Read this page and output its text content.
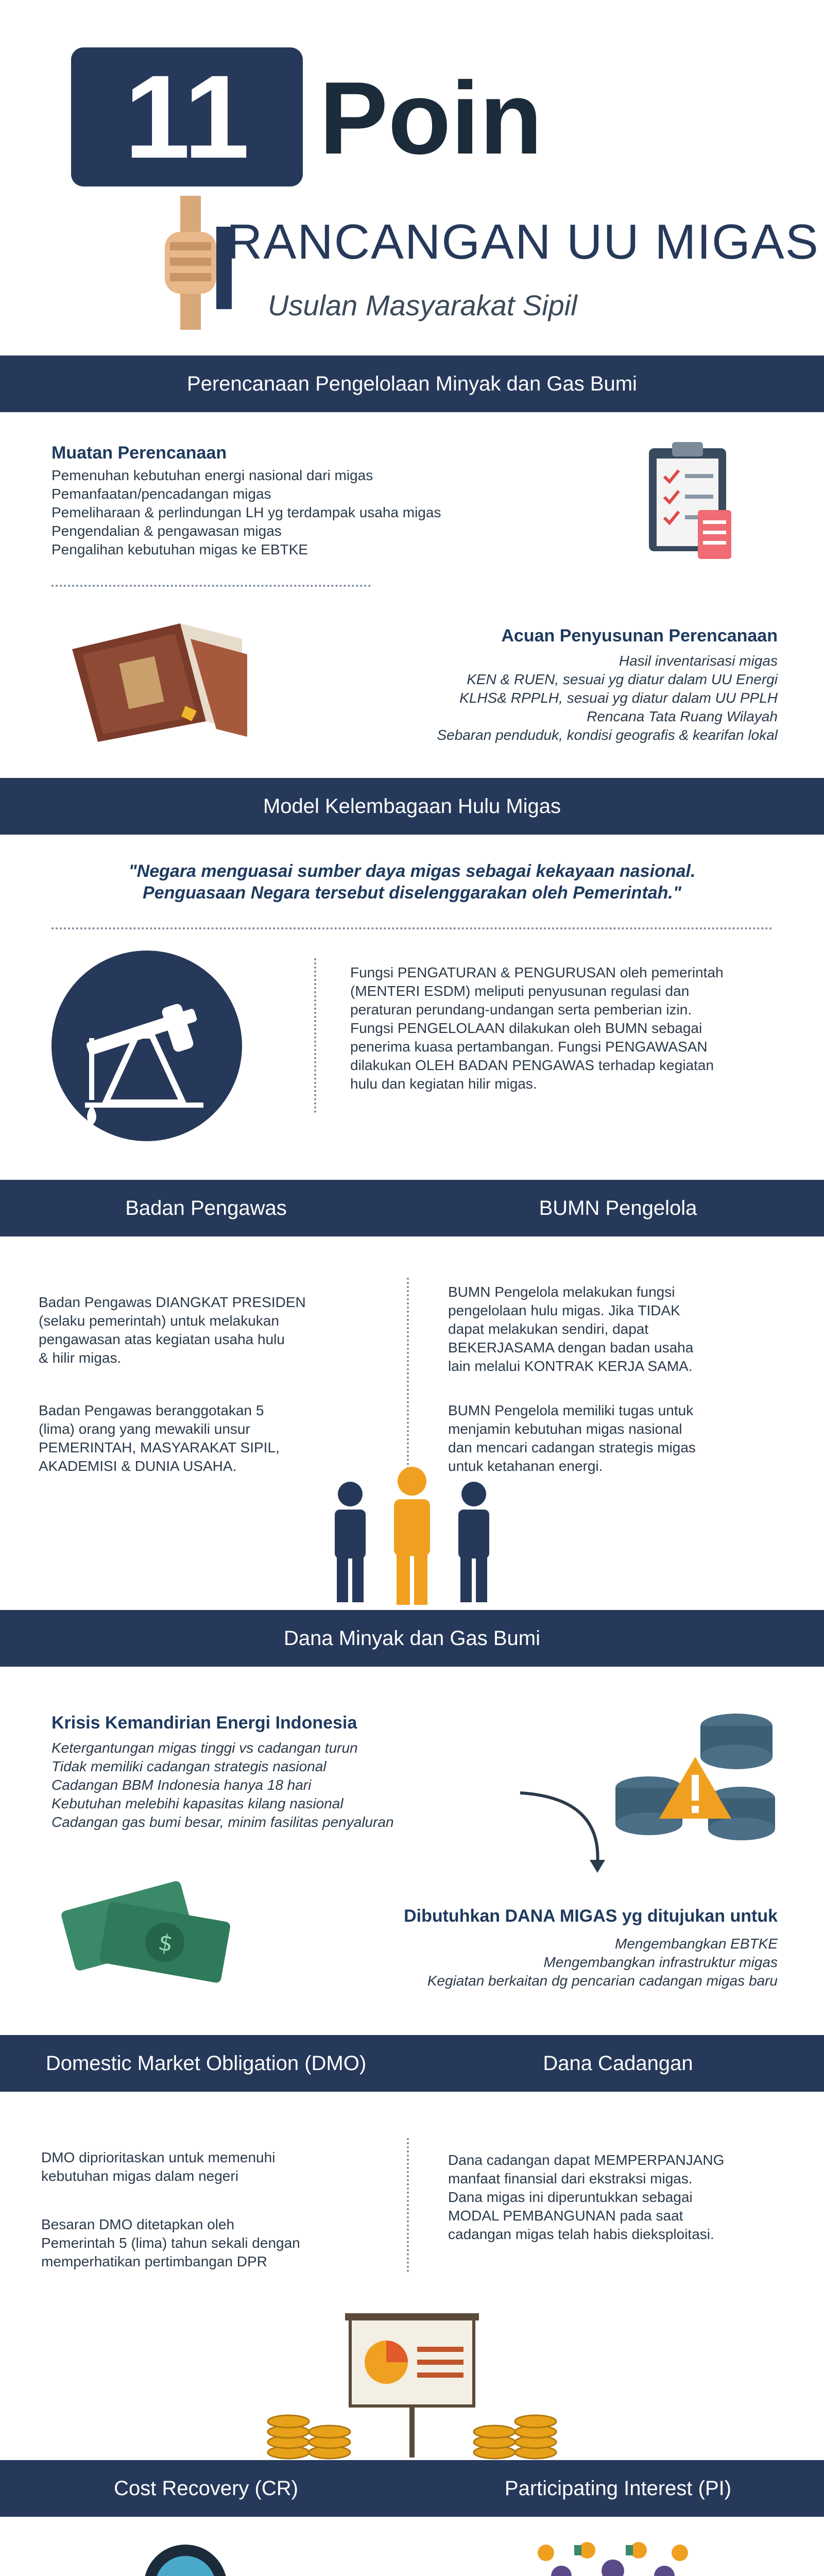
11 Poin
RANCANGAN UU MIGAS
Usulan Masyarakat Sipil
Perencanaan Pengelolaan Minyak dan Gas Bumi
Muatan Perencanaan
Pemenuhan kebutuhan energi nasional dari migas
Pemanfaatan/pencadangan migas
Pemeliharaan & perlindungan LH yg terdampak usaha migas
Pengendalian & pengawasan migas
Pengalihan kebutuhan migas ke EBTKE
Acuan Penyusunan Perencanaan
Hasil inventarisasi migas
KEN & RUEN, sesuai yg diatur dalam UU Energi
KLHS& RPPLH, sesuai yg diatur dalam UU PPLH
Rencana Tata Ruang Wilayah
Sebaran penduduk, kondisi geografis & kearifan lokal
Model Kelembagaan Hulu Migas
"Negara menguasai sumber daya migas sebagai kekayaan nasional.
Penguasaan Negara tersebut diselenggarakan oleh Pemerintah."
Fungsi PENGATURAN & PENGURUSAN oleh pemerintah
(MENTERI ESDM) meliputi penyusunan regulasi dan
peraturan perundang-undangan serta pemberian izin.
Fungsi PENGELOLAAN dilakukan oleh BUMN sebagai
penerima kuasa pertambangan. Fungsi PENGAWASAN
dilakukan OLEH BADAN PENGAWAS terhadap kegiatan
hulu dan kegiatan hilir migas.
Badan Pengawas	BUMN Pengelola
Badan Pengawas DIANGKAT PRESIDEN
(selaku pemerintah) untuk melakukan
pengawasan atas kegiatan usaha hulu
& hilir migas.
Badan Pengawas beranggotakan 5
(lima) orang yang mewakili unsur
PEMERINTAH, MASYARAKAT SIPIL,
AKADEMISI & DUNIA USAHA.
BUMN Pengelola melakukan fungsi
pengelolaan hulu migas. Jika TIDAK
dapat melakukan sendiri, dapat
BEKERJASAMA dengan badan usaha
lain melalui KONTRAK KERJA SAMA.
BUMN Pengelola memiliki tugas untuk
menjamin kebutuhan migas nasional
dan mencari cadangan strategis migas
untuk ketahanan energi.
Dana Minyak dan Gas Bumi
Krisis Kemandirian Energi Indonesia
Ketergantungan migas tinggi vs cadangan turun
Tidak memiliki cadangan strategis nasional
Cadangan BBM Indonesia hanya 18 hari
Kebutuhan melebihi kapasitas kilang nasional
Cadangan gas bumi besar, minim fasilitas penyaluran
$
Dibutuhkan DANA MIGAS yg ditujukan untuk
Mengembangkan EBTKE
Mengembangkan infrastruktur migas
Kegiatan berkaitan dg pencarian cadangan migas baru
Domestic Market Obligation (DMO)	Dana Cadangan
DMO diprioritaskan untuk memenuhi
kebutuhan migas dalam negeri
Besaran DMO ditetapkan oleh
Pemerintah 5 (lima) tahun sekali dengan
memperhatikan pertimbangan DPR
Dana cadangan dapat MEMPERPANJANG
manfaat finansial dari ekstraksi migas.
Dana migas ini diperuntukkan sebagai
MODAL PEMBANGUNAN pada saat
cadangan migas telah habis dieksploitasi.
Cost Recovery (CR)	Participating Interest (PI)
